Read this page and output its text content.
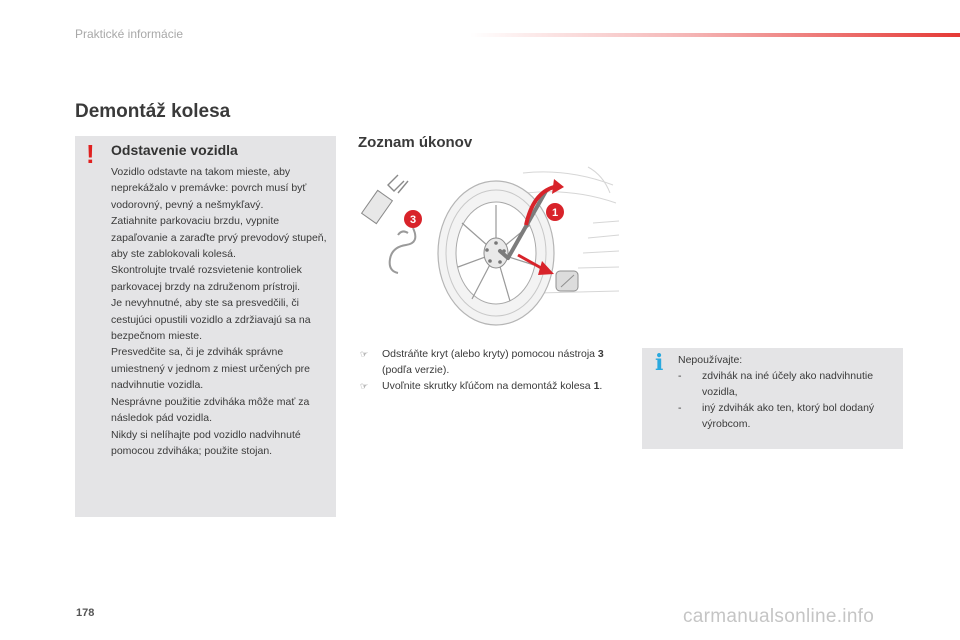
Praktické informácie
Demontáž kolesa
! Odstavenie vozidla

Vozidlo odstavte na takom mieste, aby neprekážalo v premávke: povrch musí byť vodorovný, pevný a nešmykľavý.

Zatiahnite parkovaciu brzdu, vypnite zapaľovanie a zaraďte prvý prevodový stupeň, aby ste zablokovali kolesá.

Skontrolujte trvalé rozsvietenie kontroliek parkovacej brzdy na združenom prístroji.

Je nevyhnutné, aby ste sa presvedčili, či cestujúci opustili vozidlo a zdržiavajú sa na bezpečnom mieste.

Presvedčite sa, či je zdvihák správne umiestnený v jednom z miest určených pre nadvihnutie vozidla.

Nesprávne použitie zdviháka môže mať za následok pád vozidla.

Nikdy si nelíhajte pod vozidlo nadvihnuté pomocou zdviháka; použite stojan.

Zoznam úkonov
3
1
☞ Odstráňte kryt (alebo kryty) pomocou nástroja 3 (podľa verzie).
☞ Uvoľnite skrutky kľúčom na demontáž kolesa 1.
i Nepoužívajte:
- zdvihák na iné účely ako nadvihnutie vozidla,
- iný zdvihák ako ten, ktorý bol dodaný výrobcom.
178	carmanualsonline.info
